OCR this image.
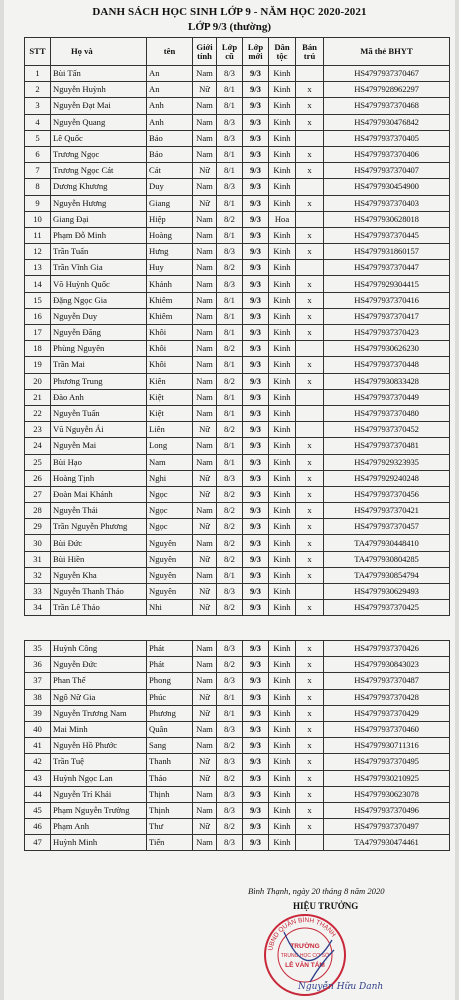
DANH SÁCH HỌC SINH LỚP 9 - NĂM HỌC 2020-2021
LỚP 9/3 (thường)
STT	Họ và	tên	Giới tính	Lớp cũ	Lớp mới	Dân tộc	Bán trú	Mã thẻ BHYT
1	Bùi Tấn	An	Nam	8/3	9/3	Kinh		HS4797937370467
2	Nguyễn Huỳnh	An	Nữ	8/1	9/3	Kinh	x	HS4797928962297
3	Nguyễn Đạt Mai	Anh	Nam	8/1	9/3	Kinh	x	HS4797937370468
4	Nguyễn Quang	Anh	Nam	8/3	9/3	Kinh	x	HS4797930476842
5	Lê Quốc	Bảo	Nam	8/3	9/3	Kinh		HS4797937370405
6	Trương Ngọc	Bảo	Nam	8/1	9/3	Kinh	x	HS4797937370406
7	Trương Ngọc Cát	Cát	Nữ	8/1	9/3	Kinh	x	HS4797937370407
8	Dương Khương	Duy	Nam	8/3	9/3	Kinh		HS4797930454900
9	Nguyễn Hương	Giang	Nữ	8/1	9/3	Kinh	x	HS4797937370403
10	Giang Đại	Hiệp	Nam	8/2	9/3	Hoa		HS4797930628018
11	Phạm Đỗ Minh	Hoàng	Nam	8/1	9/3	Kinh	x	HS4797937370445
12	Trần Tuấn	Hưng	Nam	8/3	9/3	Kinh	x	HS4797931860157
13	Trần Vĩnh Gia	Huy	Nam	8/2	9/3	Kinh		HS4797937370447
14	Võ Huỳnh Quốc	Khánh	Nam	8/3	9/3	Kinh	x	HS4797929304415
15	Đặng Ngọc Gia	Khiêm	Nam	8/1	9/3	Kinh	x	HS4797937370416
16	Nguyễn Duy	Khiêm	Nam	8/1	9/3	Kinh	x	HS4797937370417
17	Nguyễn Đăng	Khôi	Nam	8/1	9/3	Kinh	x	HS4797937370423
18	Phùng Nguyên	Khôi	Nam	8/2	9/3	Kinh		HS4797930626230
19	Trần Mai	Khôi	Nam	8/1	9/3	Kinh	x	HS4797937370448
20	Phương Trung	Kiên	Nam	8/2	9/3	Kinh	x	HS4797930833428
21	Đào Anh	Kiệt	Nam	8/1	9/3	Kinh		HS4797937370449
22	Nguyễn Tuấn	Kiệt	Nam	8/1	9/3	Kinh		HS4797937370480
23	Vũ Nguyễn Ái	Liên	Nữ	8/2	9/3	Kinh		HS4797937370452
24	Nguyễn Mai	Long	Nam	8/1	9/3	Kinh	x	HS4797937370481
25	Bùi Hạo	Nam	Nam	8/1	9/3	Kinh	x	HS4797929323935
26	Hoàng Tịnh	Nghi	Nữ	8/3	9/3	Kinh	x	HS4797929240248
27	Đoàn Mai Khánh	Ngọc	Nữ	8/2	9/3	Kinh	x	HS4797937370456
28	Nguyễn Thái	Ngọc	Nam	8/2	9/3	Kinh	x	HS4797937370421
29	Trần Nguyễn Phương	Ngọc	Nữ	8/2	9/3	Kinh	x	HS4797937370457
30	Bùi Đức	Nguyên	Nam	8/2	9/3	Kinh	x	TA4797930448410
31	Bùi Hiền	Nguyên	Nữ	8/2	9/3	Kinh	x	TA4797930804285
32	Nguyễn Kha	Nguyên	Nam	8/1	9/3	Kinh	x	TA4797930854794
33	Nguyễn Thanh Thảo	Nguyên	Nữ	8/3	9/3	Kinh		HS4797930629493
34	Trần Lê Thảo	Nhi	Nữ	8/2	9/3	Kinh	x	HS4797937370425
35	Huỳnh Công	Phát	Nam	8/3	9/3	Kinh	x	HS4797937370426
36	Nguyễn Đức	Phát	Nam	8/2	9/3	Kinh	x	HS4797930843023
37	Phan Thế	Phong	Nam	8/3	9/3	Kinh	x	HS4797937370487
38	Ngô Nữ Gia	Phúc	Nữ	8/1	9/3	Kinh	x	HS4797937370428
39	Nguyễn Trương Nam	Phương	Nữ	8/1	9/3	Kinh	x	HS4797937370429
40	Mai Minh	Quân	Nam	8/3	9/3	Kinh	x	HS4797937370460
41	Nguyễn Hồ Phước	Sang	Nam	8/2	9/3	Kinh	x	HS4797930711316
42	Trần Tuệ	Thanh	Nữ	8/3	9/3	Kinh	x	HS4797937370495
43	Huỳnh Ngọc Lan	Thảo	Nữ	8/2	9/3	Kinh	x	HS4797930210925
44	Nguyễn Trí Khải	Thịnh	Nam	8/3	9/3	Kinh	x	HS4797930623078
45	Phạm Nguyễn Trường	Thịnh	Nam	8/3	9/3	Kinh	x	HS4797937370496
46	Phạm Anh	Thư	Nữ	8/2	9/3	Kinh	x	HS4797937370497
47	Huỳnh Minh	Tiến	Nam	8/3	9/3	Kinh		TA4797930474461
Bình Thạnh, ngày 20 tháng 8 năm 2020
HIỆU TRƯỞNG
UBND QUẬN BÌNH THẠNH
TRƯỜNG
TRUNG HỌC CƠ SỞ
LÊ VĂN TÁM
Nguyễn Hữu Danh
